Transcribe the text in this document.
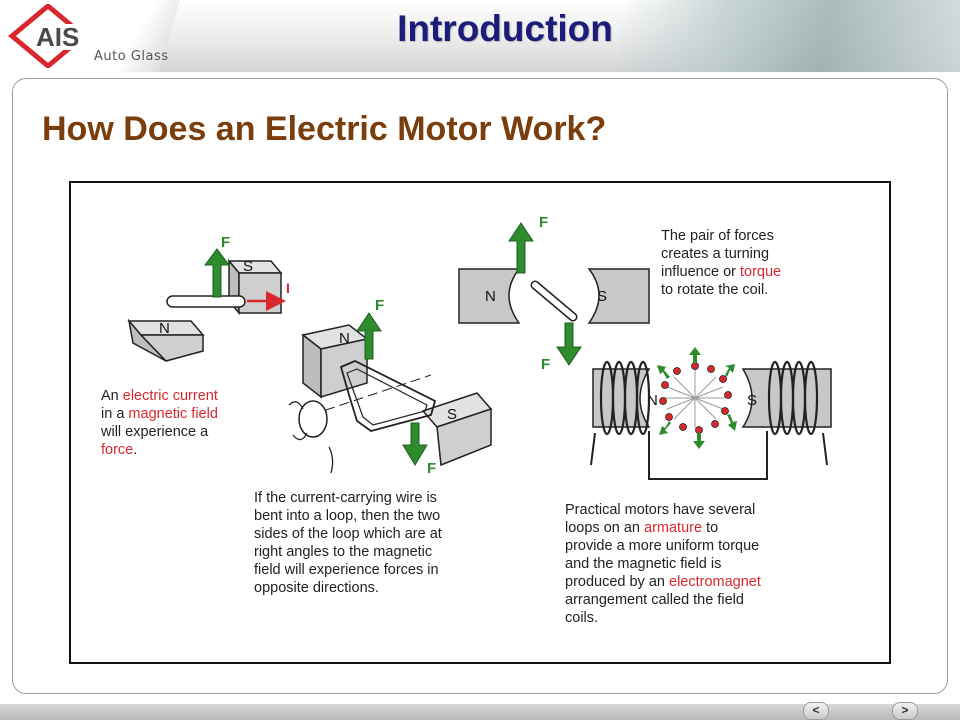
AIS
Auto Glass
Introduction
How Does an Electric Motor Work?
S
N
I
F
N
S
F
F
N	S
F
F
N	S
An electric current
in a magnetic field
will experience a
force.
If the current-carrying wire is
bent into a loop, then the two
sides of the loop which are at
right angles to the magnetic
field will experience forces in
opposite directions.
The pair of forces
creates a turning
influence or torque
to rotate the coil.
Practical motors have several
loops on an armature to
provide a more uniform torque
and the magnetic field is
produced by an electromagnet
arrangement called the field
coils.
<	>
